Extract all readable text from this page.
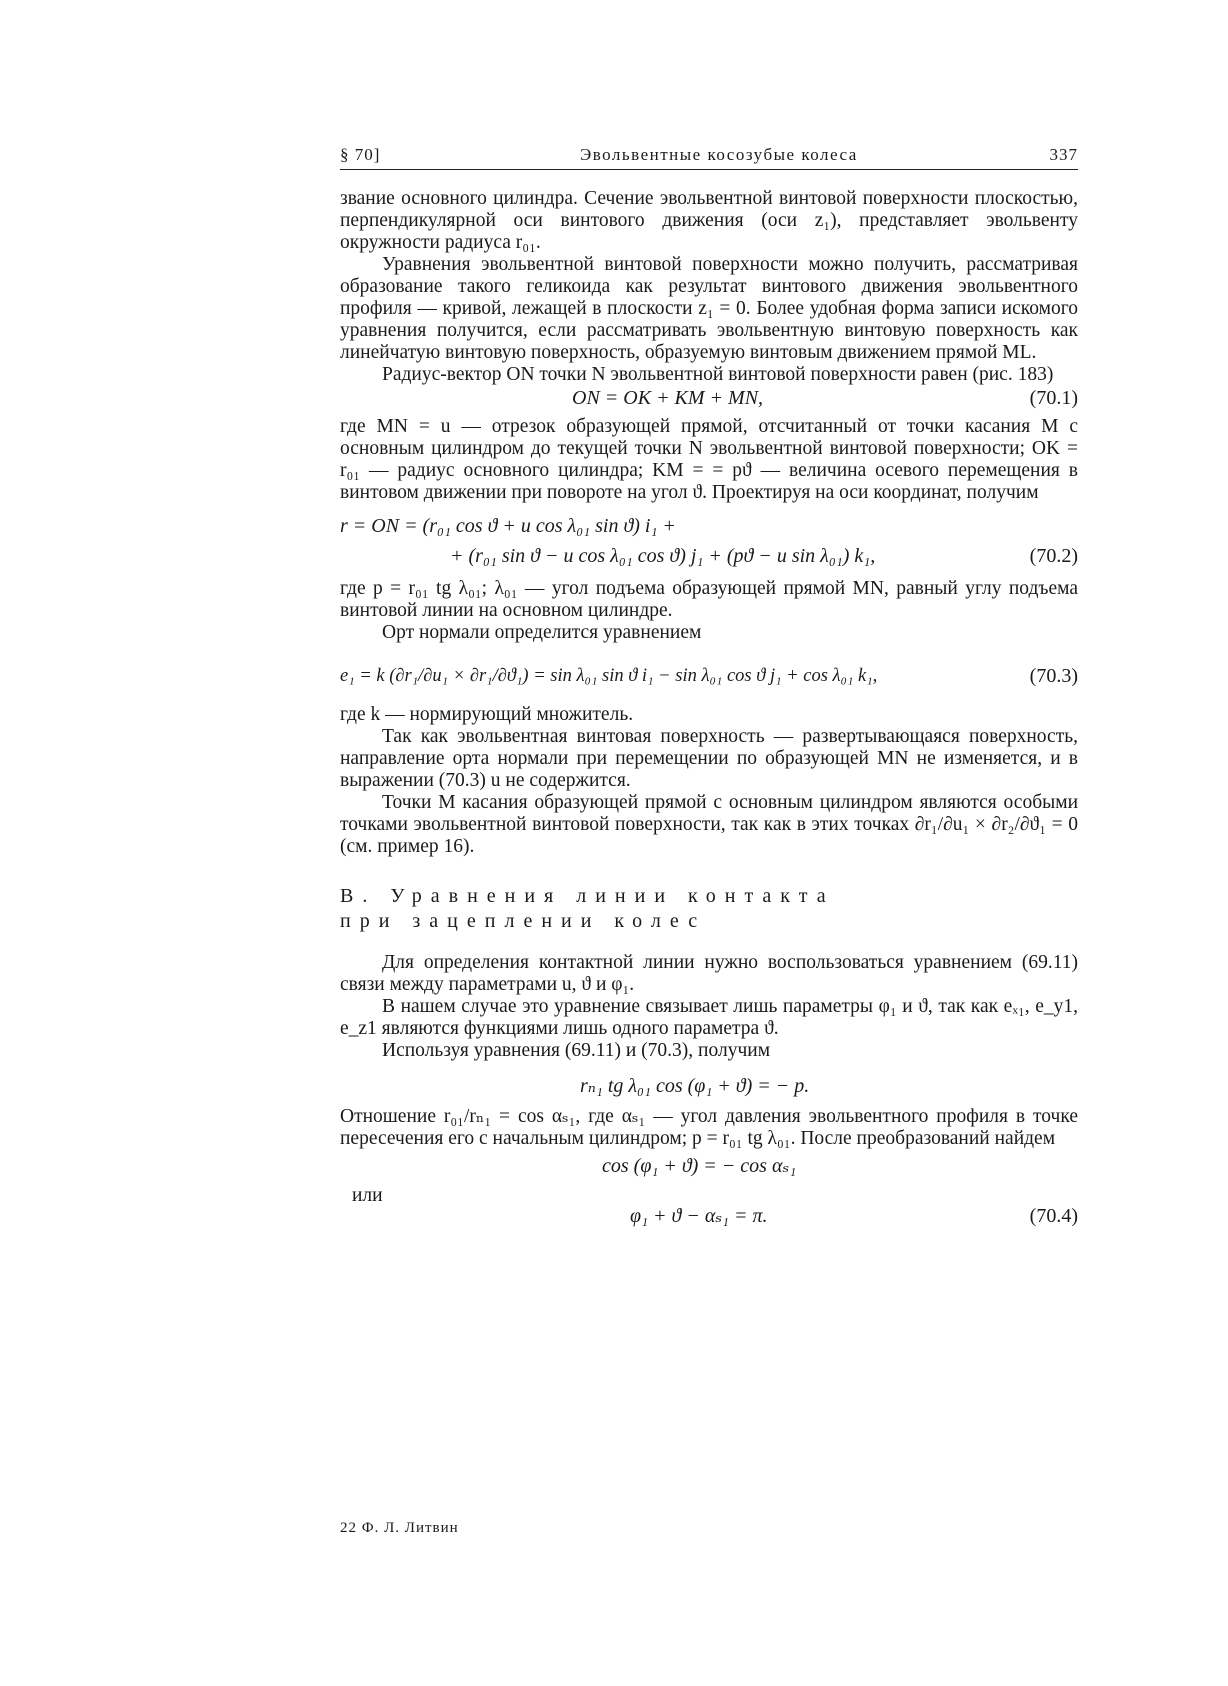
§ 70]	Эвольвентные косозубые колеса	337

звание основного цилиндра. Сечение эвольвентной винтовой поверхности плоскостью, перпендикулярной оси винтового движения (оси z₁), представляет эвольвенту окружности радиуса r₀₁.

Уравнения эвольвентной винтовой поверхности можно получить, рассматривая образование такого геликоида как результат винтового движения эвольвентного профиля — кривой, лежащей в плоскости z₁ = 0. Более удобная форма записи искомого уравнения получится, если рассматривать эвольвентную винтовую поверхность как линейчатую винтовую поверхность, образуемую винтовым движением прямой ML.

Радиус-вектор ON точки N эвольвентной винтовой поверхности равен (рис. 183)

ON = OK + KM + MN,	(70.1)

где MN = u — отрезок образующей прямой, отсчитанный от точки касания M с основным цилиндром до текущей точки N эвольвентной винтовой поверхности; OK = r₀₁ — радиус основного цилиндра; KM = = pϑ — величина осевого перемещения в винтовом движении при повороте на угол ϑ. Проектируя на оси координат, получим

r = ON = (r₀₁ cos ϑ + u cos λ₀₁ sin ϑ) i₁ +
+ (r₀₁ sin ϑ − u cos λ₀₁ cos ϑ) j₁ + (pϑ − u sin λ₀₁) k₁,	(70.2)

где p = r₀₁ tg λ₀₁; λ₀₁ — угол подъема образующей прямой MN, равный углу подъема винтовой линии на основном цилиндре.

Орт нормали определится уравнением

e₁ = k (∂r₁/∂u₁ × ∂r₁/∂ϑ₁) = sin λ₀₁ sin ϑ i₁ − sin λ₀₁ cos ϑ j₁ + cos λ₀₁ k₁,	(70.3)

где k — нормирующий множитель.

Так как эвольвентная винтовая поверхность — развертывающаяся поверхность, направление орта нормали при перемещении по образующей MN не изменяется, и в выражении (70.3) u не содержится.

Точки M касания образующей прямой с основным цилиндром являются особыми точками эвольвентной винтовой поверхности, так как в этих точках ∂r₁/∂u₁ × ∂r₂/∂ϑ₁ = 0 (см. пример 16).

B. Уравнения линии контакта
при зацеплении колес

Для определения контактной линии нужно воспользоваться уравнением (69.11) связи между параметрами u, ϑ и φ₁.

В нашем случае это уравнение связывает лишь параметры φ₁ и ϑ, так как eₓ₁, e_y1, e_z1 являются функциями лишь одного параметра ϑ.

Используя уравнения (69.11) и (70.3), получим

rₙ₁ tg λ₀₁ cos (φ₁ + ϑ) = − p.

Отношение r₀₁/rₙ₁ = cos αₛ₁, где αₛ₁ — угол давления эвольвентного профиля в точке пересечения его с начальным цилиндром; p = r₀₁ tg λ₀₁. После преобразований найдем

cos (φ₁ + ϑ) = − cos αₛ₁
или
φ₁ + ϑ − αₛ₁ = π.	(70.4)
22 Ф. Л. Литвин
